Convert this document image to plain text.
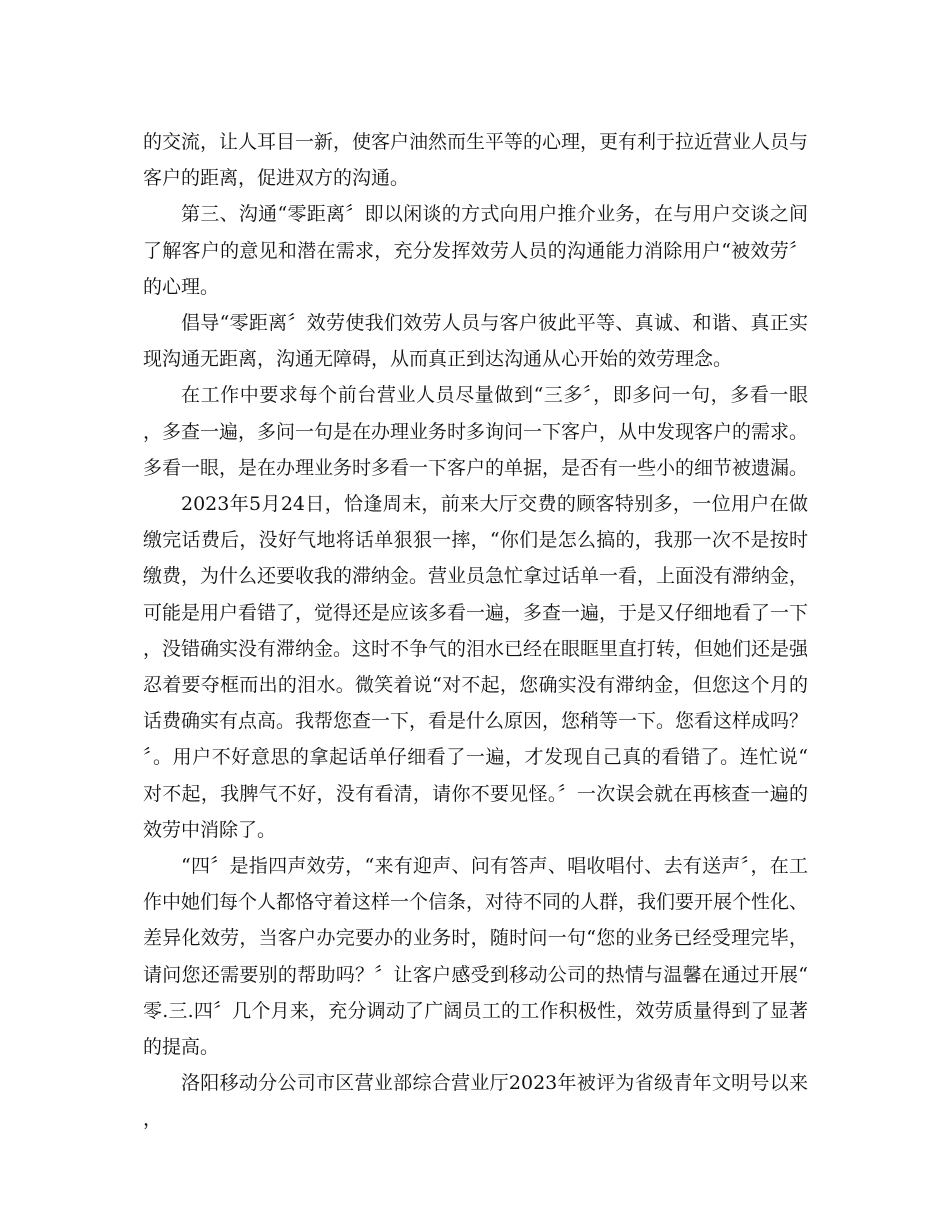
的交流，让人耳目一新，使客户油然而生平等的心理，更有利于拉近营业人员与客户的距离，促进双方的沟通。

第三、沟通“零距离〞即以闲谈的方式向用户推介业务，在与用户交谈之间了解客户的意见和潜在需求，充分发挥效劳人员的沟通能力消除用户“被效劳〞的心理。

倡导“零距离〞效劳使我们效劳人员与客户彼此平等、真诚、和谐、真正实现沟通无距离，沟通无障碍，从而真正到达沟通从心开始的效劳理念。

在工作中要求每个前台营业人员尽量做到“三多〞，即多问一句，多看一眼，多查一遍，多问一句是在办理业务时多询问一下客户，从中发现客户的需求。多看一眼，是在办理业务时多看一下客户的单据，是否有一些小的细节被遗漏。

2023年5月24日，恰逢周末，前来大厅交费的顾客特别多，一位用户在做缴完话费后，没好气地将话单狠狠一摔，“你们是怎么搞的，我那一次不是按时缴费，为什么还要收我的滞纳金。营业员急忙拿过话单一看，上面没有滞纳金，可能是用户看错了，觉得还是应该多看一遍，多查一遍，于是又仔细地看了一下，没错确实没有滞纳金。这时不争气的泪水已经在眼眶里直打转，但她们还是强忍着要夺框而出的泪水。微笑着说“对不起，您确实没有滞纳金，但您这个月的话费确实有点高。我帮您查一下，看是什么原因，您稍等一下。您看这样成吗？〞。用户不好意思的拿起话单仔细看了一遍，才发现自己真的看错了。连忙说“对不起，我脾气不好，没有看清，请你不要见怪。〞一次误会就在再核查一遍的效劳中消除了。

“四〞是指四声效劳，“来有迎声、问有答声、唱收唱付、去有送声〞，在工作中她们每个人都恪守着这样一个信条，对待不同的人群，我们要开展个性化、差异化效劳，当客户办完要办的业务时，随时问一句“您的业务已经受理完毕，请问您还需要别的帮助吗？〞让客户感受到移动公司的热情与温馨在通过开展“零.三.四〞几个月来，充分调动了广阔员工的工作积极性，效劳质量得到了显著的提高。

洛阳移动分公司市区营业部综合营业厅2023年被评为省级青年文明号以来，
